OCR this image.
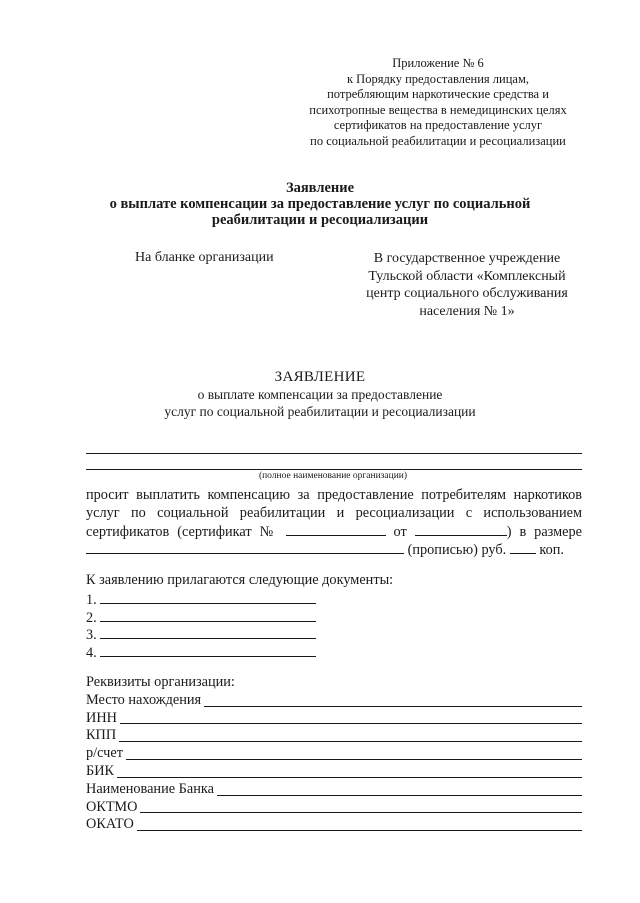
Приложение № 6
к Порядку предоставления лицам,
потребляющим наркотические средства и
психотропные вещества в немедицинских целях
сертификатов на предоставление услуг
по социальной реабилитации и ресоциализации
Заявление
о выплате компенсации за предоставление услуг по социальной
реабилитации и ресоциализации
На бланке организации	В государственное учреждение
Тульской области «Комплексный
центр социального обслуживания
населения № 1»
ЗАЯВЛЕНИЕ
о выплате компенсации за предоставление
услуг по социальной реабилитации и ресоциализации
(полное наименование организации)
просит выплатить компенсацию за предоставление потребителям наркотиков
услуг по социальной реабилитации и ресоциализации с использованием
сертификатов (сертификат №	от	) в размере
(прописью) руб. коп.
К заявлению прилагаются следующие документы:
1.
2.
3.
4.
Реквизиты организации:
Место нахождения
ИНН
КПП
р/счет
БИК
Наименование Банка
ОКТМО
ОКАТО
